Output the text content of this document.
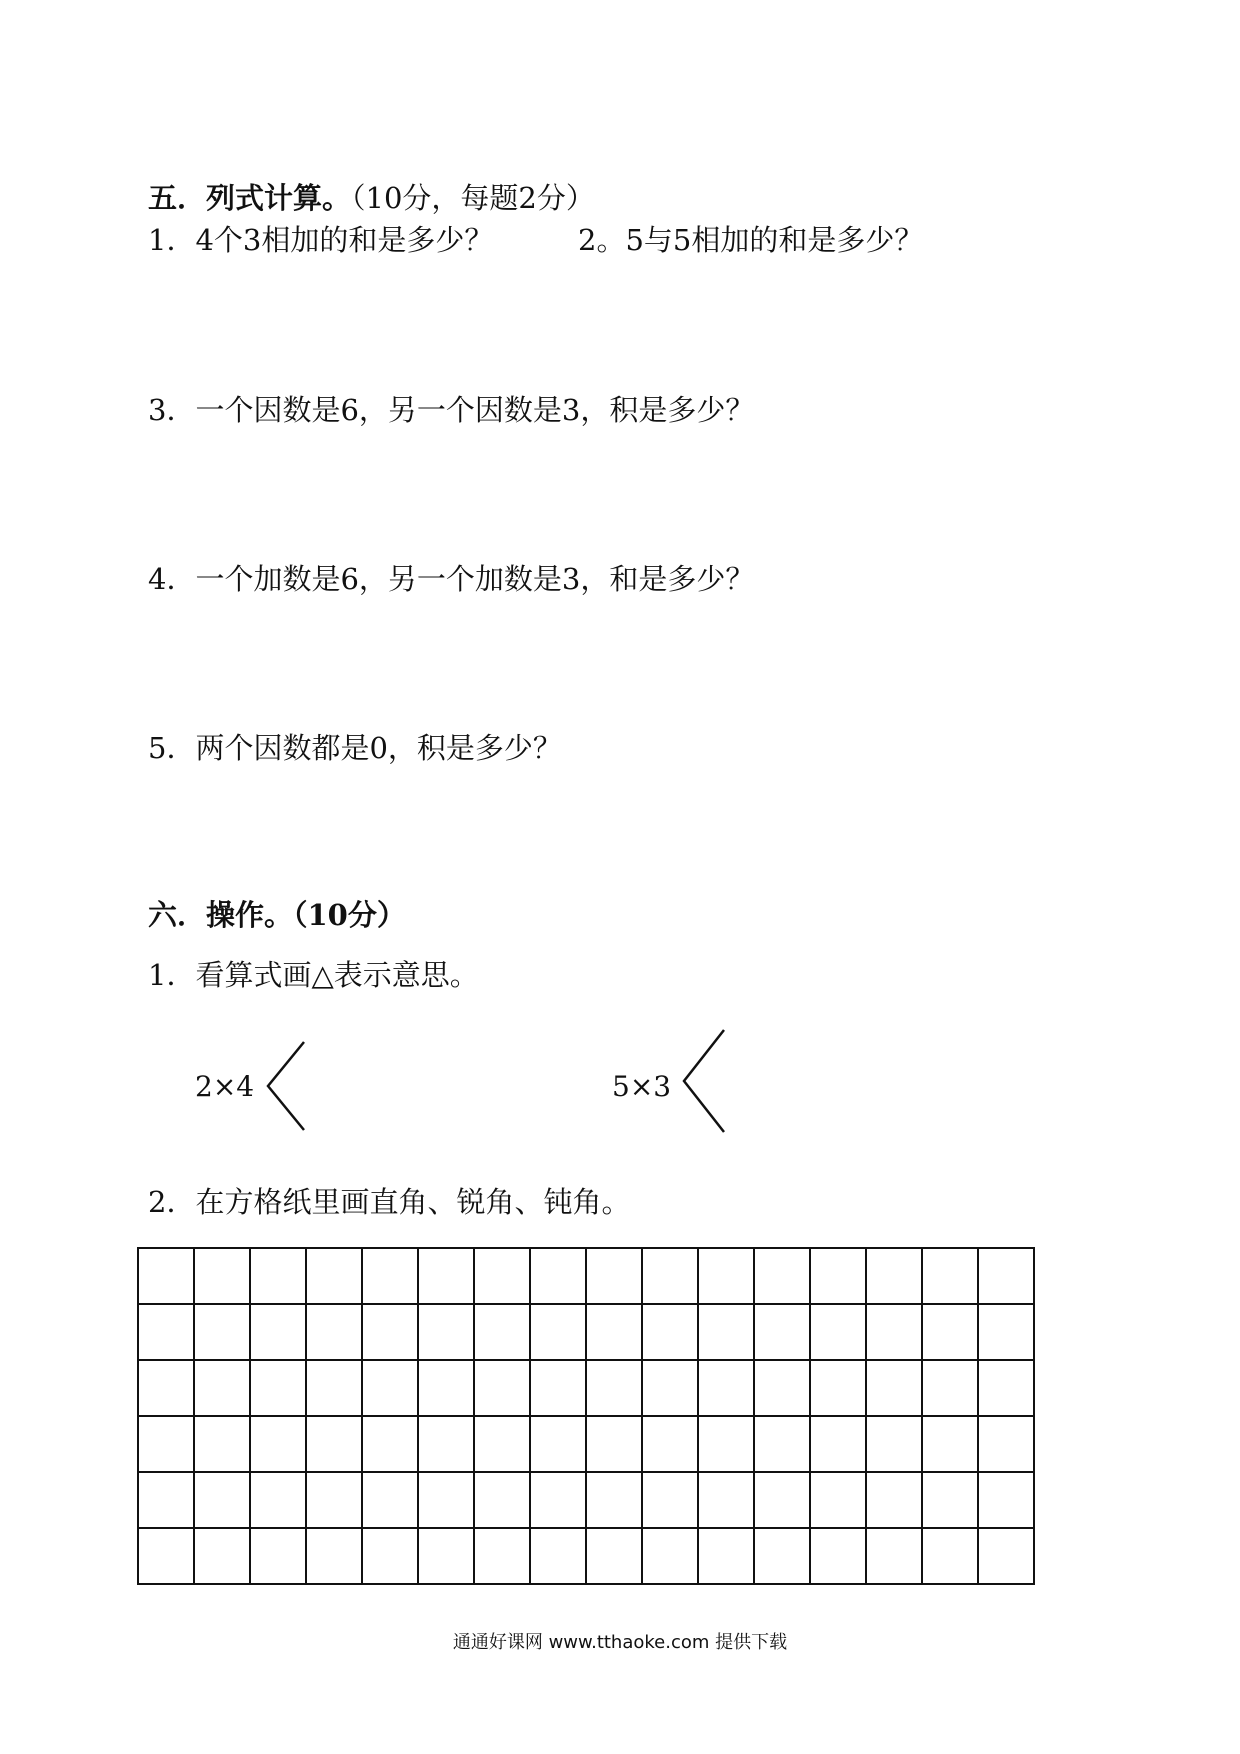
五．列式计算。（10分，每题2分）
1．4个3相加的和是多少？	2。5与5相加的和是多少？
3．一个因数是6，另一个因数是3，积是多少？
4．一个加数是6，另一个加数是3，和是多少？
5．两个因数都是0，积是多少？
六．操作。（10分）
1．看算式画△表示意思。
2×4	5×3
2．在方格纸里画直角、锐角、钝角。

通通好课网 www.tthaoke.com 提供下载
